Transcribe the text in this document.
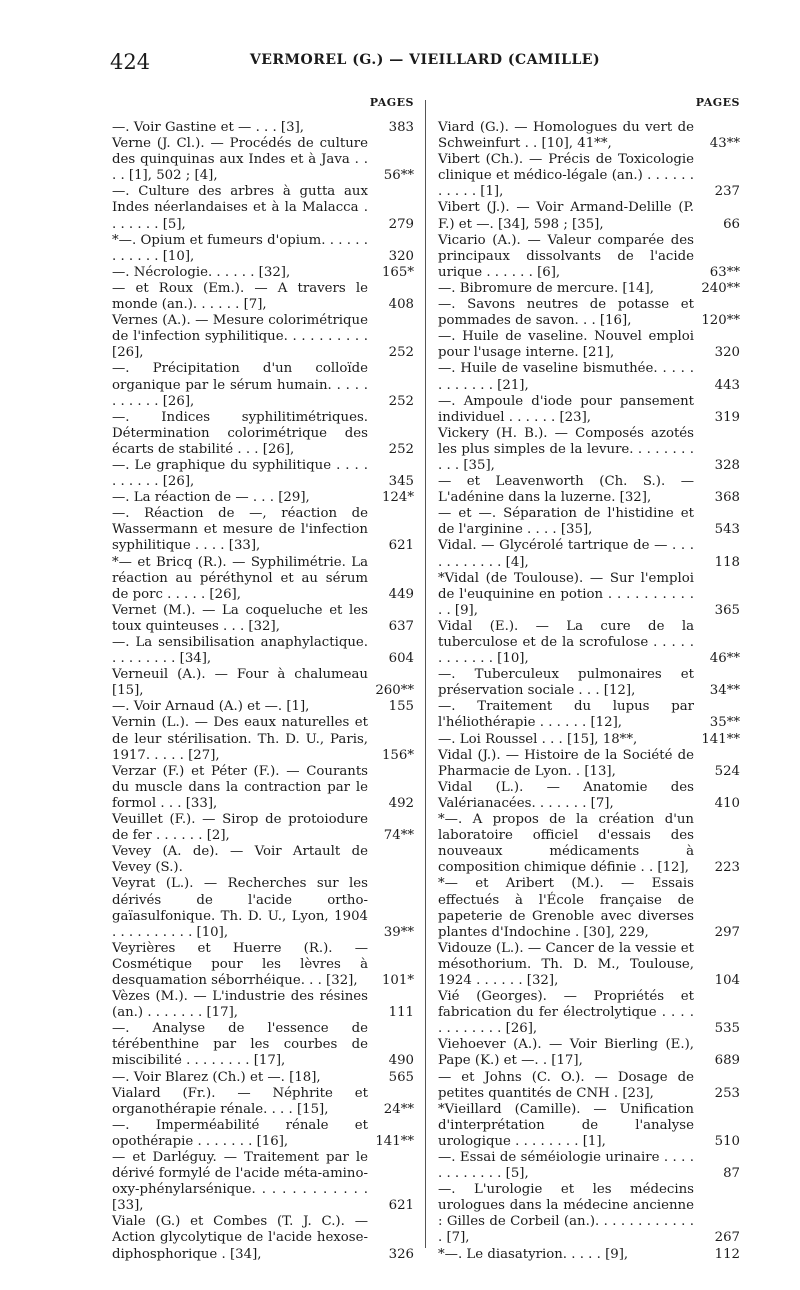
424	VERMOREL (G.) — VIEILLARD (CAMILLE)
PAGES
—. Voir Gastine et — . . . [3],	383
Verne (J. Cl.). — Procédés de culture des quinquinas aux Indes et à Java . . . . [1], 502 ; [4],	56**
—. Culture des arbres à gutta aux Indes néerlandaises et à la Malacca . . . . . . . [5],	279
*—. Opium et fumeurs d'opium. . . . . . . . . . . . [10],	320
—. Nécrologie. . . . . . [32],	165*
— et Roux (Em.). — A travers le monde (an.). . . . . . [7],	408
Vernes (A.). — Mesure colorimétrique de l'infection syphilitique. . . . . . . . . . [26],	252
—. Précipitation d'un colloïde organique par le sérum humain. . . . . . . . . . . [26],	252
—. Indices syphilitimétriques. Détermination colorimétrique des écarts de stabilité . . . [26],	252
—. Le graphique du syphilitique . . . . . . . . . . [26],	345
—. La réaction de — . . . [29],	124*
—. Réaction de —, réaction de Wassermann et mesure de l'infection syphilitique . . . . [33],	621
*— et Bricq (R.). — Syphilimétrie. La réaction au péréthynol et au sérum de porc . . . . . [26],	449
Vernet (M.). — La coqueluche et les toux quinteuses . . . [32],	637
—. La sensibilisation anaphylactique. . . . . . . . . [34],	604
Verneuil (A.). — Four à chalumeau [15],	260**
—. Voir Arnaud (A.) et —. [1],	155
Vernin (L.). — Des eaux naturelles et de leur stérilisation. Th. D. U., Paris, 1917. . . . . [27],	156*
Verzar (F.) et Péter (F.). — Courants du muscle dans la contraction par le formol . . . [33],	492
Veuillet (F.). — Sirop de protoiodure de fer . . . . . . [2],	74**
Vevey (A. de). — Voir Artault de Vevey (S.).
Veyrat (L.). — Recherches sur les dérivés de l'acide ortho-gaïasulfonique. Th. D. U., Lyon, 1904 . . . . . . . . . . [10],	39**
Veyrières et Huerre (R.). — Cosmétique pour les lèvres à desquamation séborrhéique. . . [32],	101*
Vèzes (M.). — L'industrie des résines (an.) . . . . . . . [17],	111
—. Analyse de l'essence de térébenthine par les courbes de miscibilité . . . . . . . . [17],	490
—. Voir Blarez (Ch.) et —. [18],	565
Vialard (Fr.). — Néphrite et organothérapie rénale. . . . [15],	24**
—. Imperméabilité rénale et opothérapie . . . . . . . [16],	141**
— et Darléguy. — Traitement par le dérivé formylé de l'acide méta-amino-oxy-phénylarsénique. . . . . . . . . . . . [33],	621
Viale (G.) et Combes (T. J. C.). — Action glycolytique de l'acide hexose-diphosphorique . [34],	326
PAGES
Viard (G.). — Homologues du vert de Schweinfurt . . [10], 41**,	43**
Vibert (Ch.). — Précis de Toxicologie clinique et médico-légale (an.) . . . . . . . . . . . [1],	237
Vibert (J.). — Voir Armand-Delille (P. F.) et —. [34], 598 ; [35],	66
Vicario (A.). — Valeur comparée des principaux dissolvants de l'acide urique . . . . . . [6],	63**
—. Bibromure de mercure. [14],	240**
—. Savons neutres de potasse et pommades de savon. . . [16],	120**
—. Huile de vaseline. Nouvel emploi pour l'usage interne. [21],	320
—. Huile de vaseline bismuthée. . . . . . . . . . . . [21],	443
—. Ampoule d'iode pour pansement individuel . . . . . . [23],	319
Vickery (H. B.). — Composés azotés les plus simples de la levure. . . . . . . . . . . [35],	328
— et Leavenworth (Ch. S.). — L'adénine dans la luzerne. [32],	368
— et —. Séparation de l'histidine et de l'arginine . . . . [35],	543
Vidal. — Glycérolé tartrique de — . . . . . . . . . . . [4],	118
*Vidal (de Toulouse). — Sur l'emploi de l'euquinine en potion . . . . . . . . . . . . [9],	365
Vidal (E.). — La cure de la tuberculose et de la scrofulose . . . . . . . . . . . . [10],	46**
—. Tuberculeux pulmonaires et préservation sociale . . . [12],	34**
—. Traitement du lupus par l'héliothérapie . . . . . . [12],	35**
—. Loi Roussel . . . [15], 18**,	141**
Vidal (J.). — Histoire de la Société de Pharmacie de Lyon. . [13],	524
Vidal (L.). — Anatomie des Valérianacées. . . . . . . [7],	410
*—. A propos de la création d'un laboratoire officiel d'essais des nouveaux médicaments à composition chimique définie . . [12],	223
*— et Aribert (M.). — Essais effectués à l'École française de papeterie de Grenoble avec diverses plantes d'Indochine . [30], 229,	297
Vidouze (L.). — Cancer de la vessie et mésothorium. Th. D. M., Toulouse, 1924 . . . . . . [32],	104
Vié (Georges). — Propriétés et fabrication du fer électrolytique . . . . . . . . . . . . [26],	535
Viehoever (A.). — Voir Bierling (E.), Pape (K.) et —. . [17],	689
— et Johns (C. O.). — Dosage de petites quantités de CNH . [23],	253
*Vieillard (Camille). — Unification d'interprétation de l'analyse urologique . . . . . . . . [1],	510
—. Essai de séméiologie urinaire . . . . . . . . . . . . [5],	87
—. L'urologie et les médecins urologues dans la médecine ancienne : Gilles de Corbeil (an.). . . . . . . . . . . . . [7],	267
*—. Le diasatyrion. . . . . [9],	112
